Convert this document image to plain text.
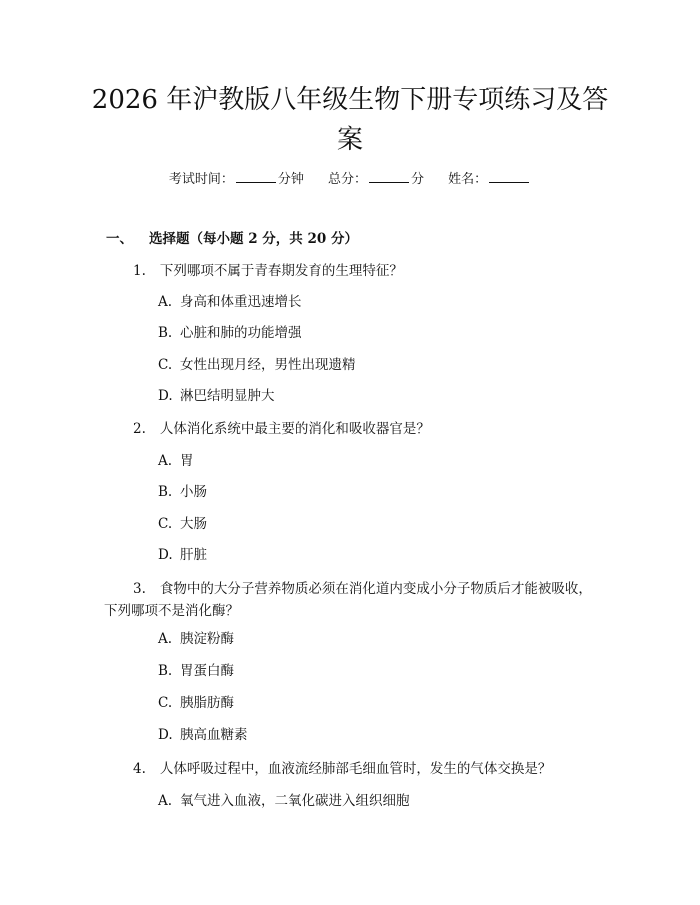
2026 年沪教版八年级生物下册专项练习及答案
考试时间：	分钟 总分：	分 姓名：
一、 选择题（每小题 2 分，共 20 分）
1. 下列哪项不属于青春期发育的生理特征？
A. 身高和体重迅速增长
B. 心脏和肺的功能增强
C. 女性出现月经，男性出现遗精
D. 淋巴结明显肿大
2. 人体消化系统中最主要的消化和吸收器官是？
A. 胃
B. 小肠
C. 大肠
D. 肝脏
3. 食物中的大分子营养物质必须在消化道内变成小分子物质后才能被吸收，
下列哪项不是消化酶？
A. 胰淀粉酶
B. 胃蛋白酶
C. 胰脂肪酶
D. 胰高血糖素
4. 人体呼吸过程中，血液流经肺部毛细血管时，发生的气体交换是？
A. 氧气进入血液，二氧化碳进入组织细胞
